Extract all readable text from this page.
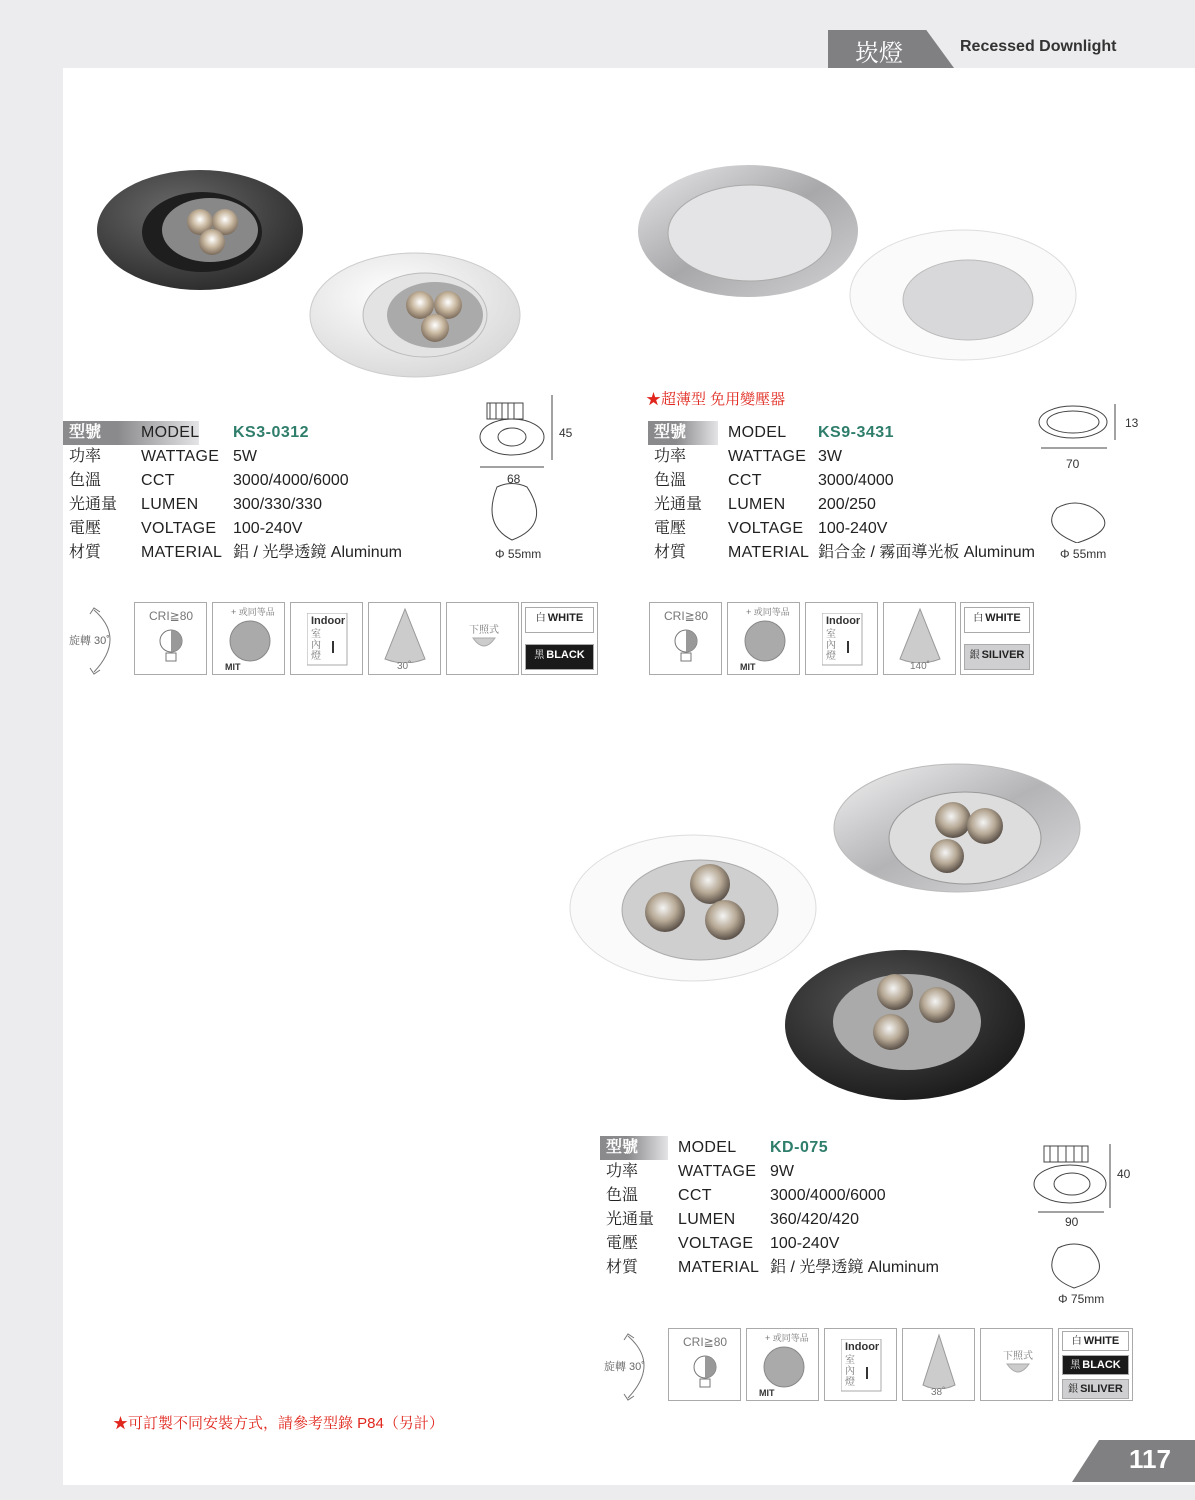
崁燈	Recessed Downlight
型號	MODEL KS3-0312
功率	WATTAGE 5W
色溫	CCT	3000/4000/6000
光通量	LUMEN 300/330/330
電壓	VOLTAGE 100-240V
材質	MATERIAL 鋁 / 光學透鏡 Aluminum
45
68
Φ 55mm
旋轉 30˚
CRI≧80	+ 或同等品
MIT
Indoor
室內燈
30˚
下照式
白 WHITE
黑 BLACK
★超薄型 免用變壓器
型號	MODEL KS9-3431
功率	WATTAGE 3W
色溫	CCT	3000/4000
光通量	LUMEN 200/250
電壓	VOLTAGE 100-240V
材質	MATERIAL 鋁合金 / 霧面導光板 Aluminum
13
70
Φ 55mm
CRI≧80	+ 或同等品
MIT
Indoor
室內燈
140˚
白 WHITE
銀 SILIVER
型號	MODEL KD-075
功率	WATTAGE 9W
色溫	CCT	3000/4000/6000
光通量	LUMEN 360/420/420
電壓	VOLTAGE 100-240V
材質	MATERIAL 鋁 / 光學透鏡 Aluminum
40
90
Φ 75mm
旋轉 30˚
CRI≧80	+ 或同等品
MIT
Indoor
室內燈
38˚
下照式
白 WHITE
黑 BLACK
銀 SILIVER
★可訂製不同安裝方式，請參考型錄 P84（另計）
117
